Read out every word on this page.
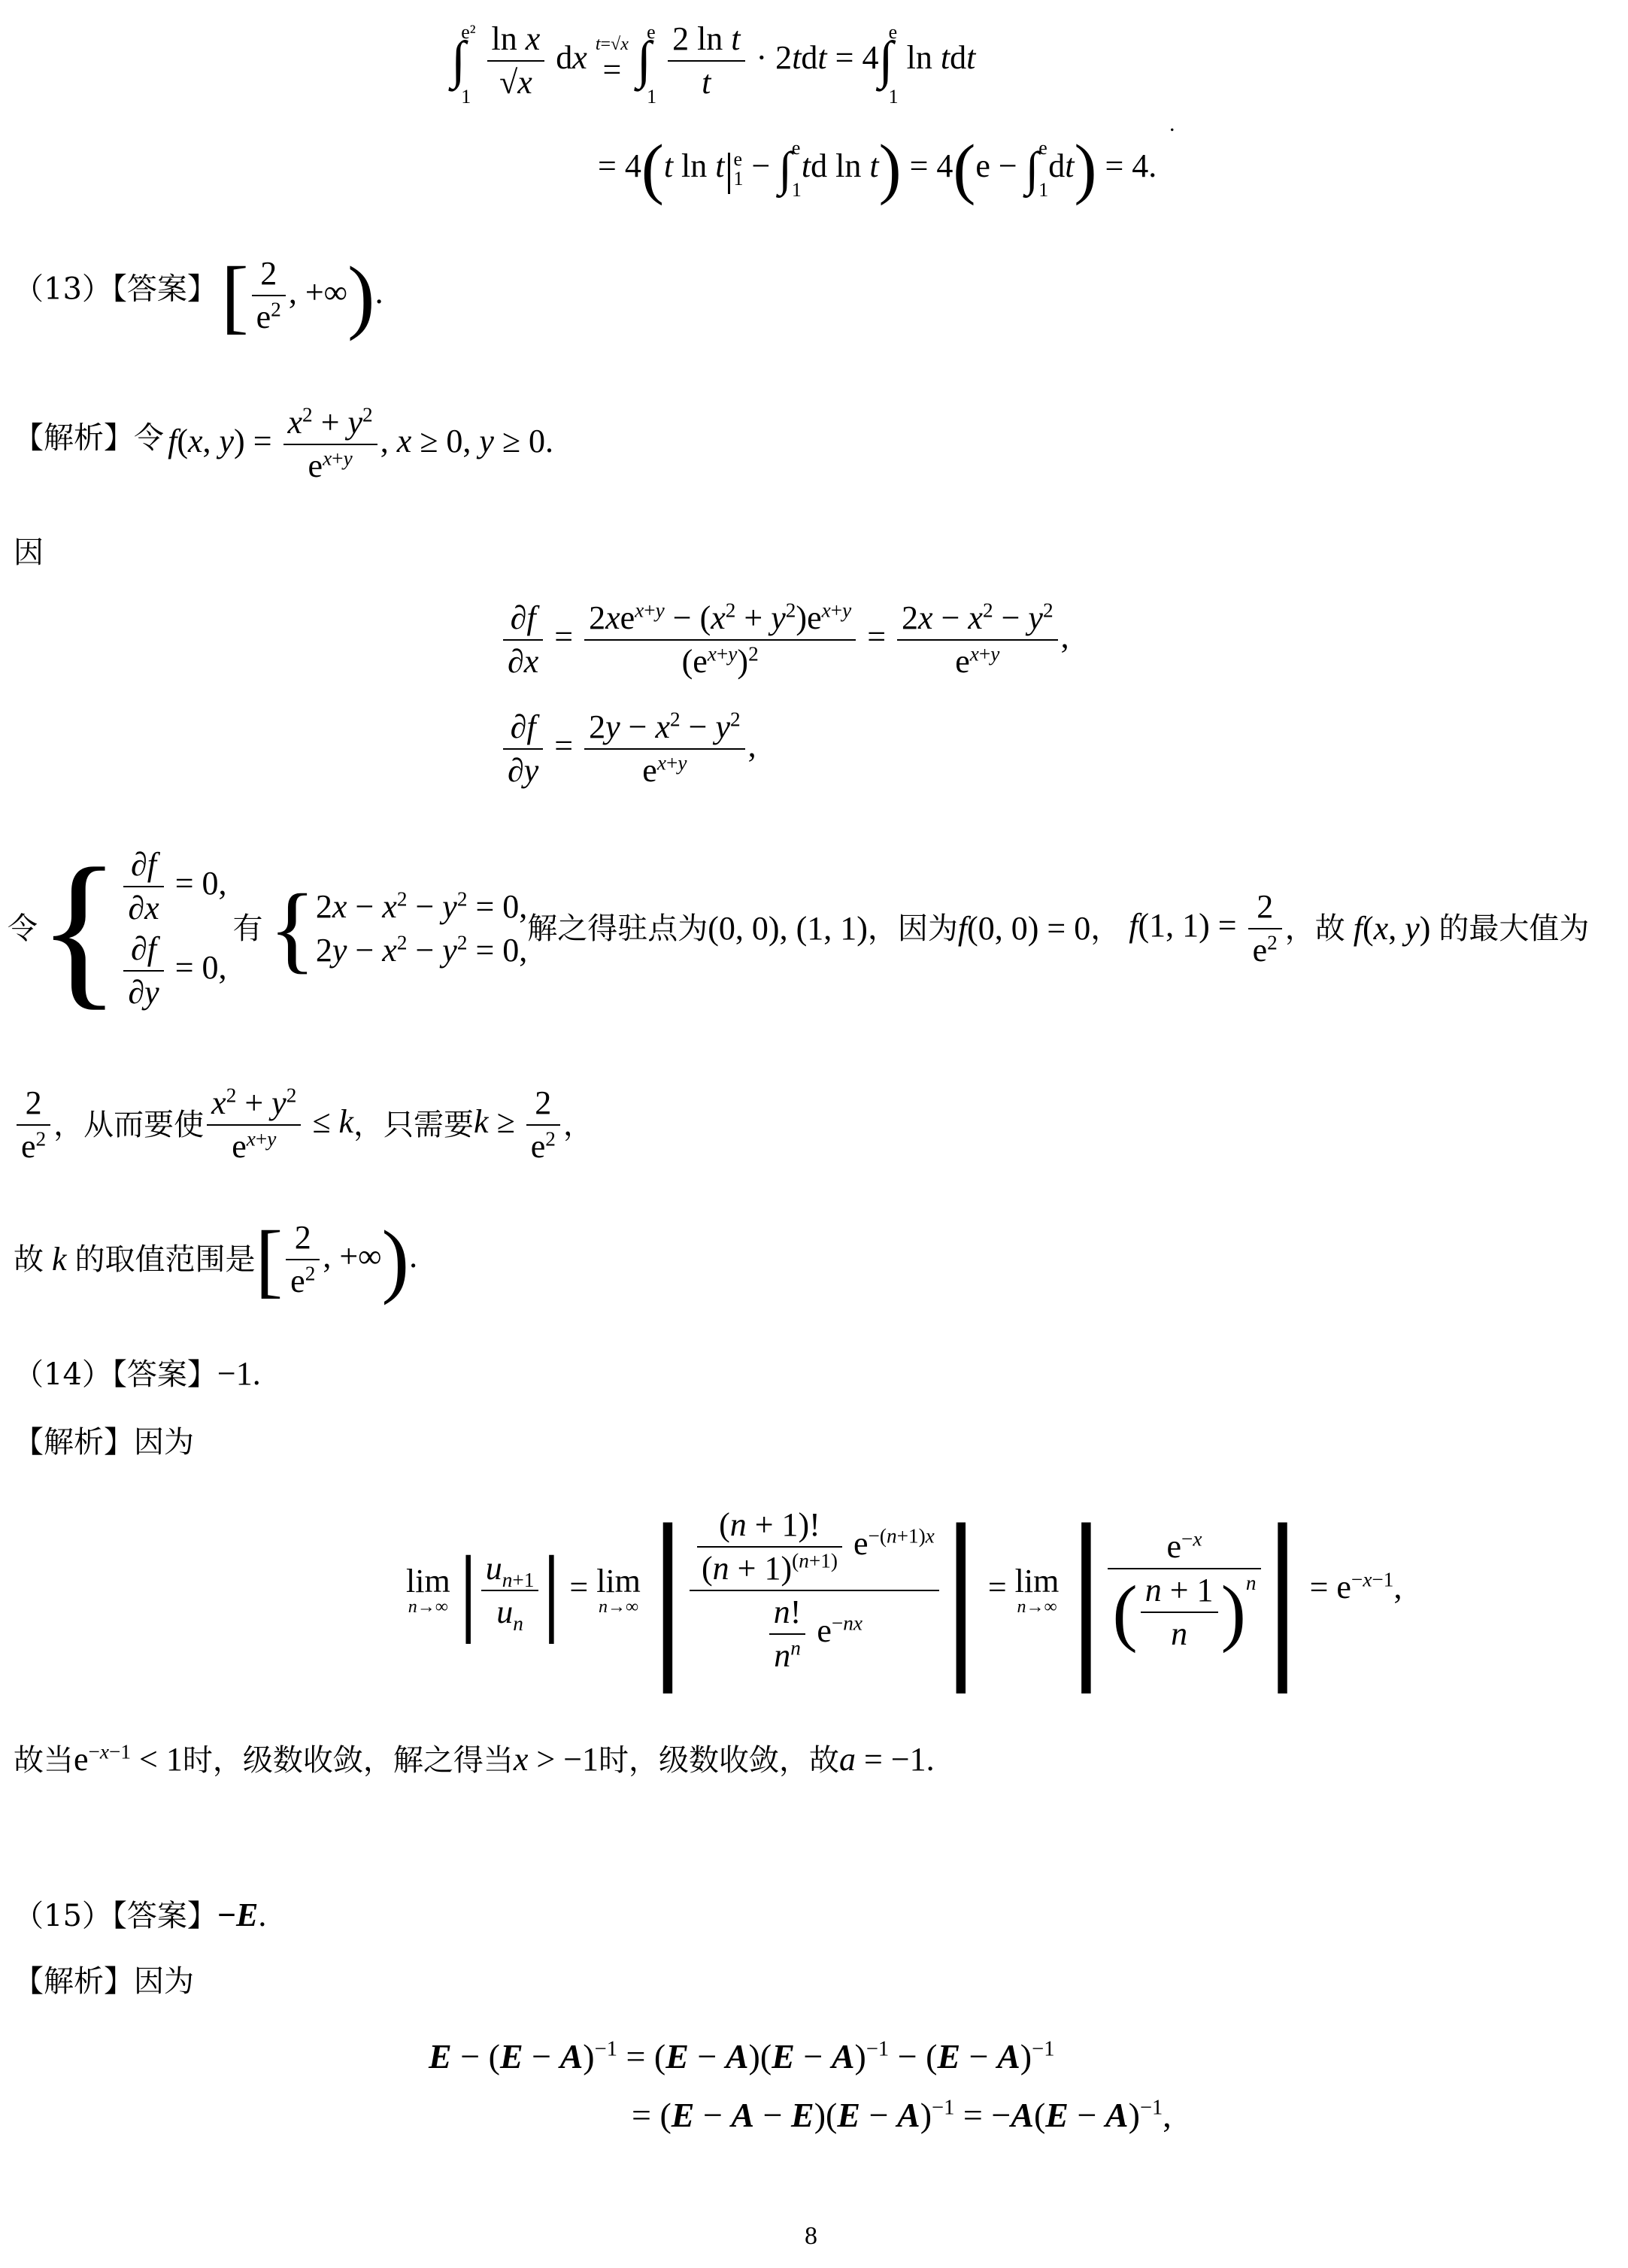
∫
e²
1
$\frac{\text{ln x}}{√x}$ dx t=√x
= ∫
e
1
$\frac{\text{2 ln t}}{t} \cdot 2tdt = 4\int$
e
1
ln tdt
.
= 4(t ln t| e
1 − ∫ e
1
td ln t) = 4(e − ∫ e
1
dt) = 4.
（13）【答案】 [ $\frac{2}{e^2}$ , +∞).
【解析】令 f(x, $y) = \frac{x^2 + y^2}{e^{x+y}}$ , x ≥ 0, y ≥ 0.
因
$\frac{\partial f}{\partial x} = \frac{2xe^{x+y} - (x^2 + y^2)e^{x+y}}{(e^{x+y})^2} = \frac{2x - x^2 - y^2}{e^{x+y}}$ ,
$\frac{\partial f}{\partial y} = \frac{2y - x^2 - y^2}{e^{x+y}}$ ,
令{ $\frac{\partial f}{\partial x} = 0$,
$\frac{\partial f}{\partial y} = 0$,
有{ $2x - x^2 - y^2 = 0$,
$2y - x^2 - y^2 = 0$,
解之得驻点为(0, 0), (1, 1)，因为f(0, 0) = 0， f(1, $1) = \frac{2}{e^2}$ ，故 f(x, y) 的最大值为
$\frac{2}{e^2}$ ，从而要使 $\frac{x^2 + y^2}{e^{x+y}} \le k$，只需要$k \ge \frac{2}{e^2}$ ，
故 k 的取值范围是[ $\frac{2}{e^2}$ , +∞).
（14）【答案】−1.
【解析】因为
lim
n→∞ | $\frac{u_{n+1}}{u_n}$ | = lim
n→∞ | $\frac{\frac{(n + 1)!}{(n + 1)^{(n+1)}} e^{-(n+1)x}}{\frac{n!}{n^n} e^{-nx}}$ | = lim
n→∞ | $\frac{e^{-x}}{( \frac{n + 1}{n} )^n}$ | = $e^{-x-1}$,
故当$e^{-x-1} < 1$时，级数收敛，解之得当x > −1时，级数收敛，故a = −1.
（15）【答案】−E.
【解析】因为
$E - (E - A)^{-1} = (E - A)(E - A)^{-1} - (E - A)^{-1}$
= $(E - A - E)(E - A)^{-1} = -A(E - A)^{-1}$,
8
